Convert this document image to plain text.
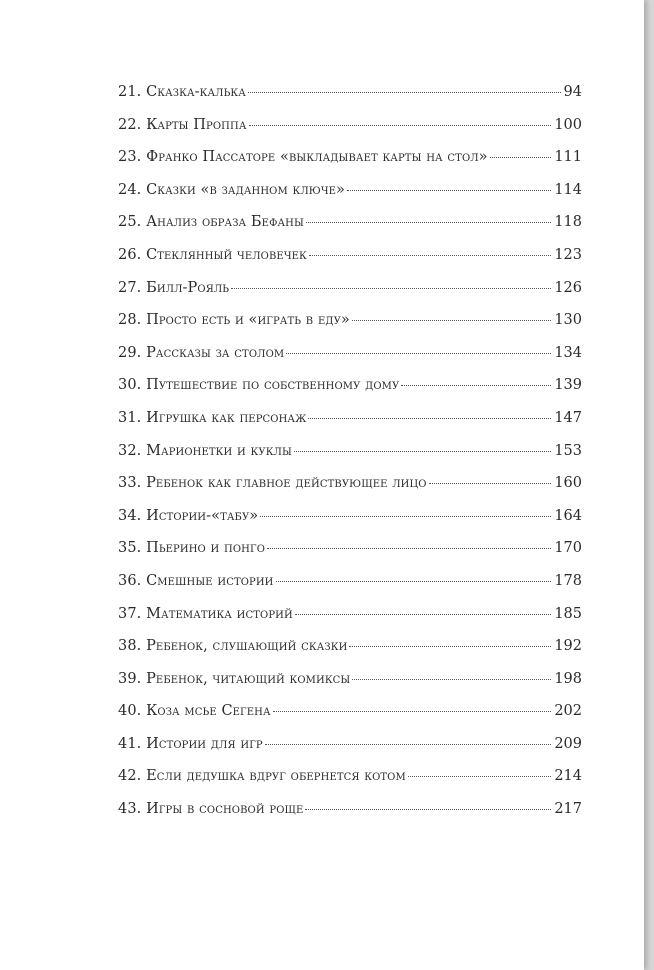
21. Сказка-калька	94
22. Карты Проппа	100
23. Франко Пассаторе «выкладывает карты на стол»	111
24. Сказки «в заданном ключе»	114
25. Анализ образа Бефаны	118
26. Стеклянный человечек	123
27. Билл-Рояль	126
28. Просто есть и «играть в еду»	130
29. Рассказы за столом	134
30. Путешествие по собственному дому	139
31. Игрушка как персонаж	147
32. Марионетки и куклы	153
33. Ребенок как главное действующее лицо	160
34. Истории-«табу»	164
35. Пьерино и понго	170
36. Смешные истории	178
37. Математика историй	185
38. Ребенок, слушающий сказки	192
39. Ребенок, читающий комиксы	198
40. Коза мсье Сегена	202
41. Истории для игр	209
42. Если дедушка вдруг обернется котом	214
43. Игры в сосновой роще	217
